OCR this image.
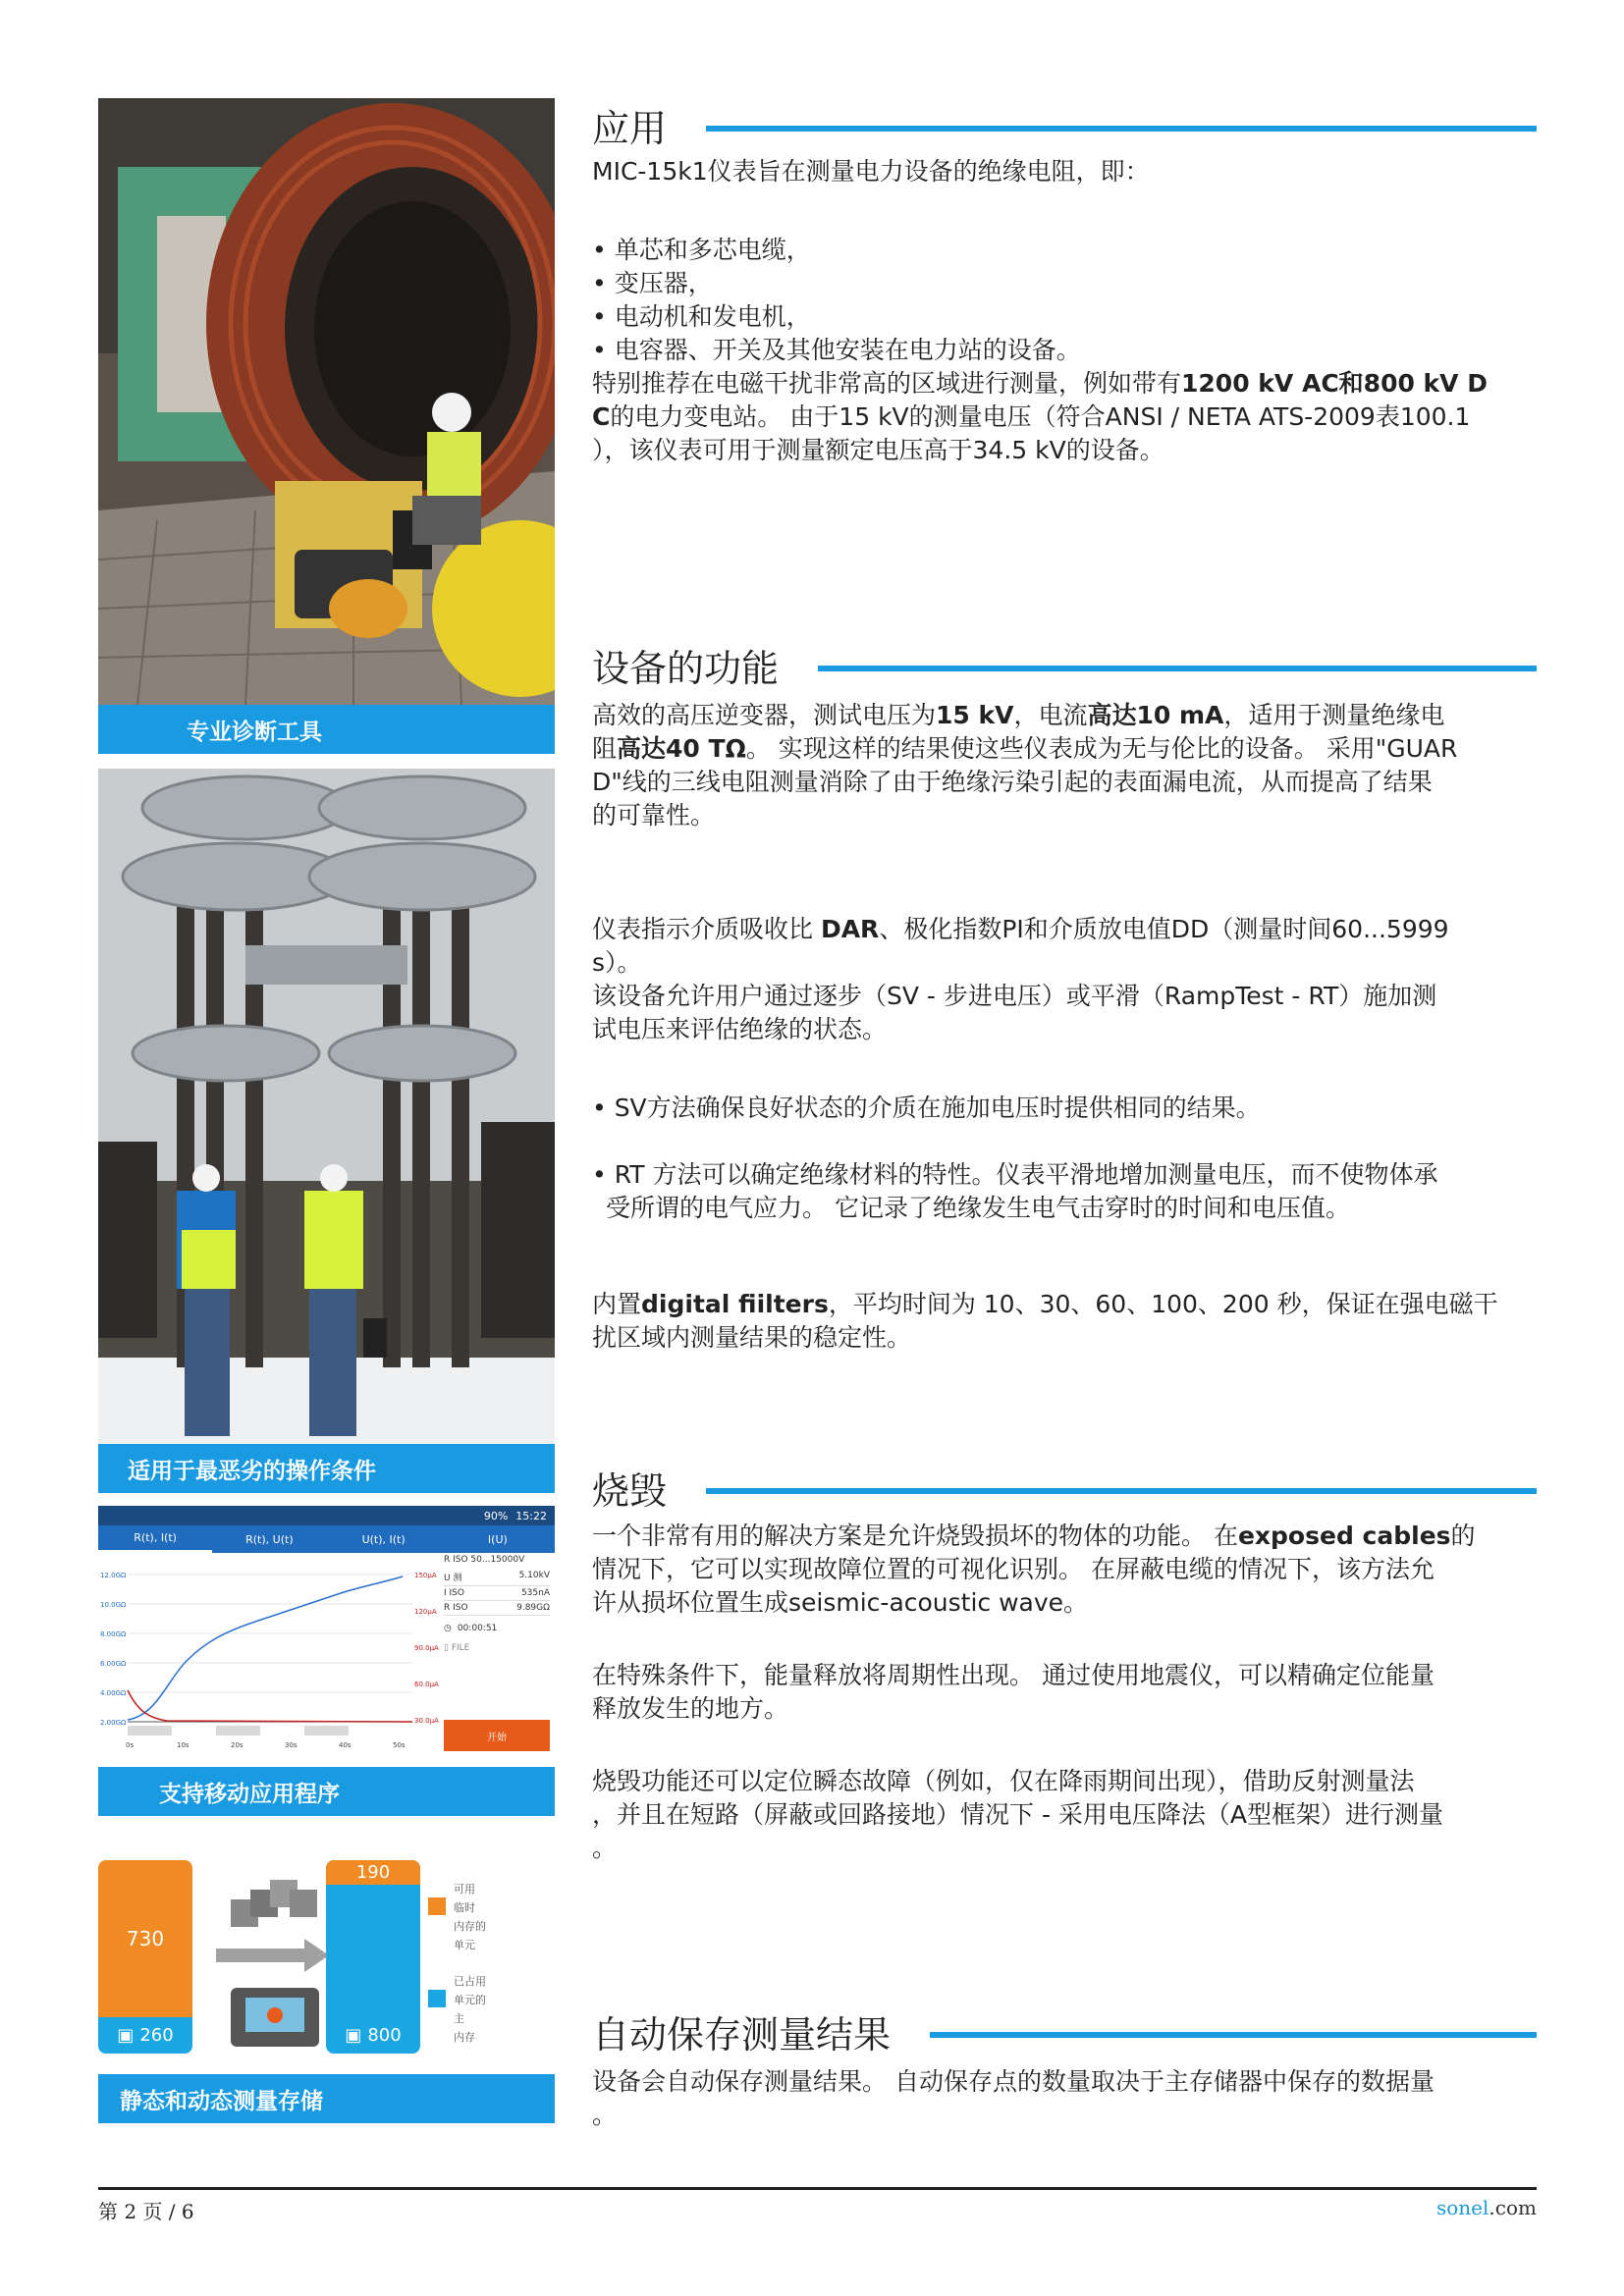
专业诊断工具
适用于最恶劣的操作条件
90% 15:22
R(t), I(t)	R(t), U(t)	U(t), I(t)	I(U)
12.0GΩ
10.0GΩ
8.00GΩ
6.00GΩ
4.00GΩ
2.00GΩ
150μA
120μA
90.0μA
60.0μA
30.0μA
0s	10s	20s	30s	40s	50s
R ISO 50...15000V
U 测	5.10kV
I ISO	535nA
R ISO	9.89GΩ
◷ 00:00:51
▯ FILE
开始
支持移动应用程序
730
▣ 260
190
▣ 800
可用
临时
内存的
单元
已占用
单元的
主
内存
静态和动态测量存储
应用

MIC-15k1仪表旨在测量电力设备的绝缘电阻，即：

• 单芯和多芯电缆，
• 变压器，
• 电动机和发电机，
• 电容器、开关及其他安装在电力站的设备。
特别推荐在电磁干扰非常高的区域进行测量，例如带有1200 kV AC和800 kV D
C的电力变电站。 由于15 kV的测量电压（符合ANSI / NETA ATS-2009表100.1
），该仪表可用于测量额定电压高于34.5 kV的设备。
设备的功能
高效的高压逆变器，测试电压为15 kV，电流高达10 mA，适用于测量绝缘电
阻高达40 TΩ。 实现这样的结果使这些仪表成为无与伦比的设备。 采用"GUAR
D"线的三线电阻测量消除了由于绝缘污染引起的表面漏电流，从而提高了结果
的可靠性。
仪表指示介质吸收比 DAR、极化指数PI和介质放电值DD（测量时间60...5999
s）。
该设备允许用户通过逐步（SV - 步进电压）或平滑（RampTest - RT）施加测
试电压来评估绝缘的状态。
• SV方法确保良好状态的介质在施加电压时提供相同的结果。
• RT 方法可以确定绝缘材料的特性。仪表平滑地增加测量电压，而不使物体承
受所谓的电气应力。 它记录了绝缘发生电气击穿时的时间和电压值。
内置digital fiilters，平均时间为 10、30、60、100、200 秒，保证在强电磁干
扰区域内测量结果的稳定性。
烧毁
一个非常有用的解决方案是允许烧毁损坏的物体的功能。 在exposed cables的
情况下，它可以实现故障位置的可视化识别。 在屏蔽电缆的情况下，该方法允
许从损坏位置生成seismic-acoustic wave。
在特殊条件下，能量释放将周期性出现。 通过使用地震仪，可以精确定位能量
释放发生的地方。
烧毁功能还可以定位瞬态故障（例如，仅在降雨期间出现），借助反射测量法
，并且在短路（屏蔽或回路接地）情况下 - 采用电压降法（A型框架）进行测量
。
自动保存测量结果
设备会自动保存测量结果。 自动保存点的数量取决于主存储器中保存的数据量
。
第 2 页 / 6	sonel.com
